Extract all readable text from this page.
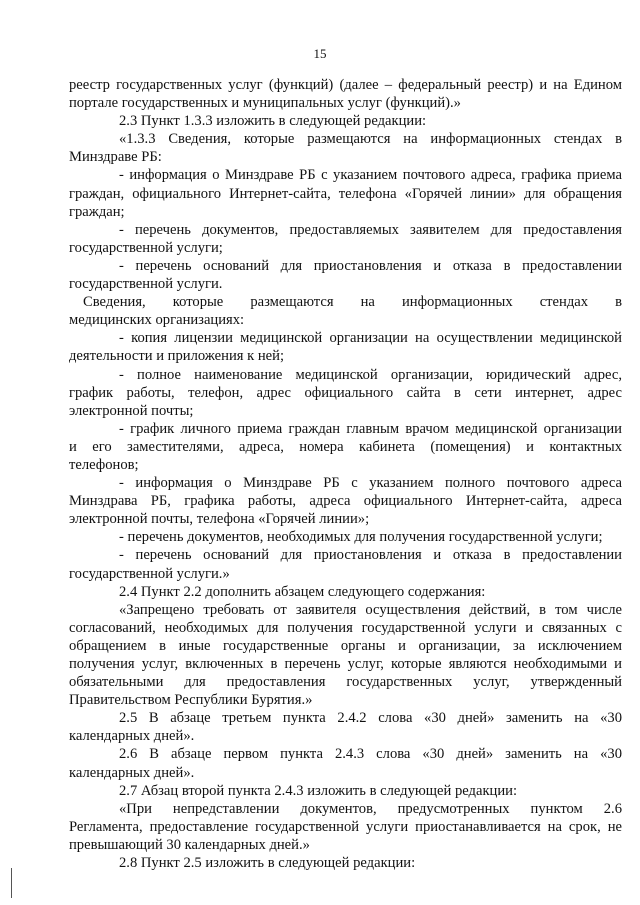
15
реестр государственных услуг (функций) (далее – федеральный реестр) и на Едином
портале государственных и муниципальных услуг (функций).»
2.3 Пункт 1.3.3 изложить в следующей редакции:
«1.3.3 Сведения, которые размещаются на информационных стендах в
Минздраве РБ:
- информация о Минздраве РБ с указанием почтового адреса, графика приема
граждан, официального Интернет-сайта, телефона «Горячей линии» для обращения
граждан;
- перечень документов, предоставляемых заявителем для предоставления
государственной услуги;
- перечень оснований для приостановления и отказа в предоставлении
государственной услуги.
Сведения, которые размещаются на информационных стендах в
медицинских организациях:
- копия лицензии медицинской организации на осуществлении медицинской
деятельности и приложения к ней;
- полное наименование медицинской организации, юридический адрес,
график работы, телефон, адрес официального сайта в сети интернет, адрес
электронной почты;
- график личного приема граждан главным врачом медицинской организации
и его заместителями, адреса, номера кабинета (помещения) и контактных
телефонов;
- информация о Минздраве РБ с указанием полного почтового адреса
Минздрава РБ, графика работы, адреса официального Интернет-сайта, адреса
электронной почты, телефона «Горячей линии»;
- перечень документов, необходимых для получения государственной услуги;
- перечень оснований для приостановления и отказа в предоставлении
государственной услуги.»
2.4 Пункт 2.2 дополнить абзацем следующего содержания:
«Запрещено требовать от заявителя осуществления действий, в том числе
согласований, необходимых для получения государственной услуги и связанных с
обращением в иные государственные органы и организации, за исключением
получения услуг, включенных в перечень услуг, которые являются необходимыми и
обязательными для предоставления государственных услуг, утвержденный
Правительством Республики Бурятия.»
2.5 В абзаце третьем пункта 2.4.2 слова «30 дней» заменить на «30
календарных дней».
2.6 В абзаце первом пункта 2.4.3 слова «30 дней» заменить на «30
календарных дней».
2.7 Абзац второй пункта 2.4.3 изложить в следующей редакции:
«При непредставлении документов, предусмотренных пунктом 2.6
Регламента, предоставление государственной услуги приостанавливается на срок, не
превышающий 30 календарных дней.»
2.8 Пункт 2.5 изложить в следующей редакции:
